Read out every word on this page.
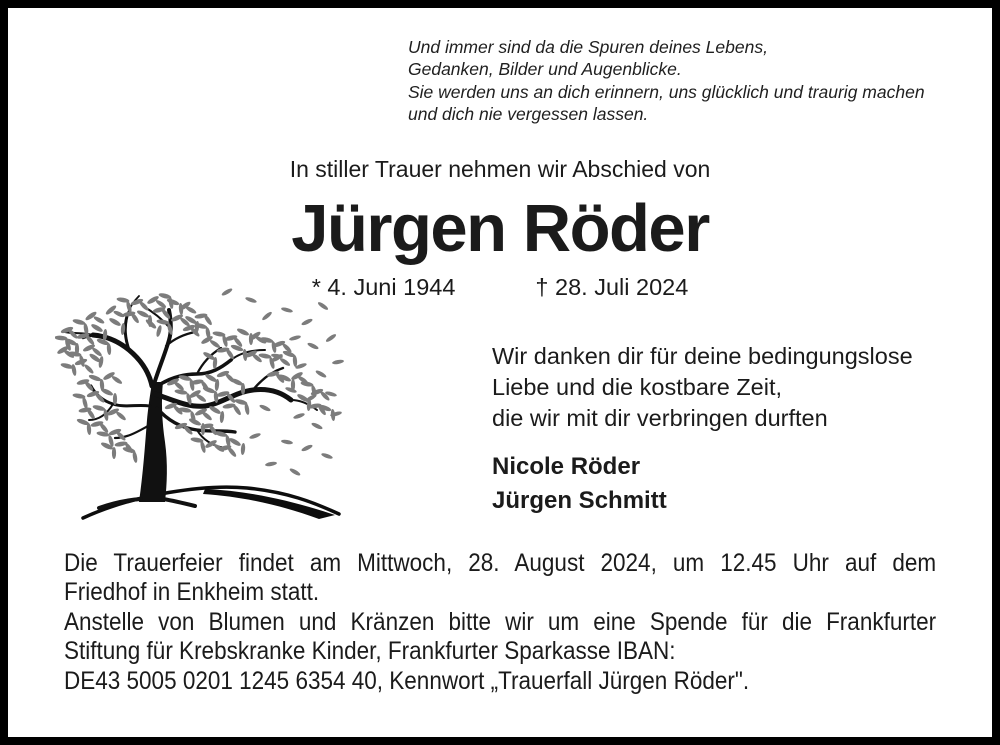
Und immer sind da die Spuren deines Lebens,
Gedanken, Bilder und Augenblicke.
Sie werden uns an dich erinnern, uns glücklich und traurig machen
und dich nie vergessen lassen.
In stiller Trauer nehmen wir Abschied von
Jürgen Röder
* 4. Juni 1944	† 28. Juli 2024
Wir danken dir für deine bedingungslose
Liebe und die kostbare Zeit,
die wir mit dir verbringen durften
Nicole Röder
Jürgen Schmitt
Die Trauerfeier findet am Mittwoch, 28. August 2024, um 12.45 Uhr auf dem
Friedhof in Enkheim statt.
Anstelle von Blumen und Kränzen bitte wir um eine Spende für die Frankfurter
Stiftung für Krebskranke Kinder, Frankfurter Sparkasse IBAN:
DE43 5005 0201 1245 6354 40, Kennwort „Trauerfall Jürgen Röder".
